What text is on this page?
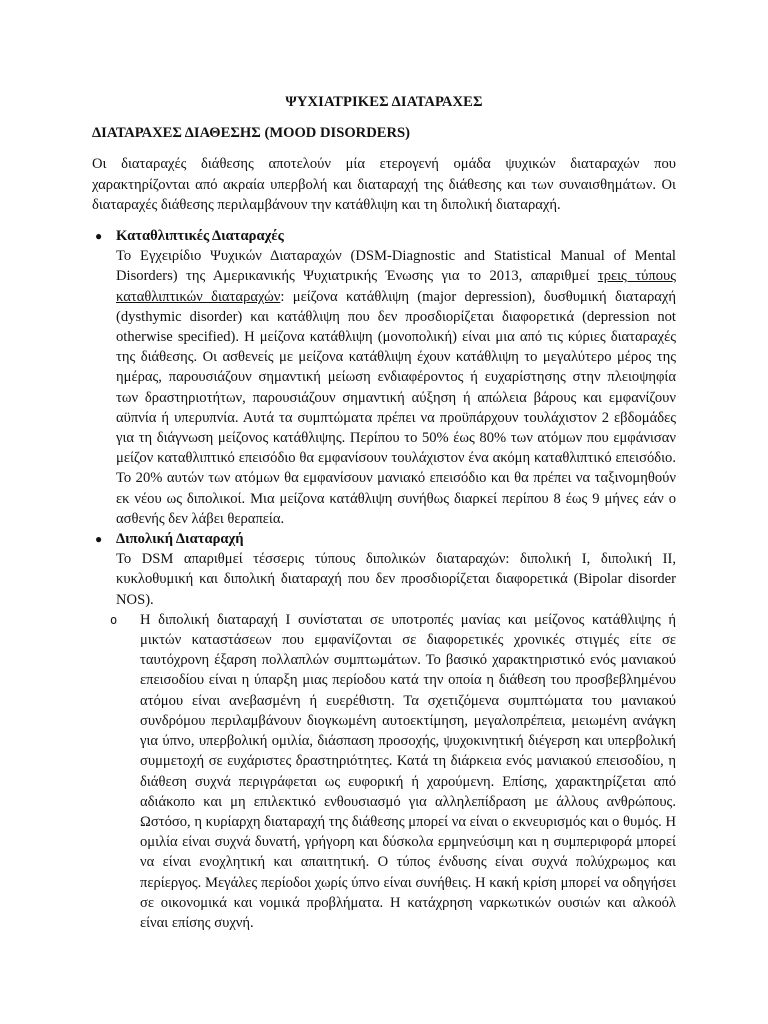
ΨΥΧΙΑΤΡΙΚΕΣ ΔΙΑΤΑΡΑΧΕΣ
ΔΙΑΤΑΡΑΧΕΣ ΔΙΑΘΕΣΗΣ (MOOD DISORDERS)

Οι διαταραχές διάθεσης αποτελούν μία ετερογενή ομάδα ψυχικών διαταραχών που χαρακτηρίζονται από ακραία υπερβολή και διαταραχή της διάθεσης και των συναισθημάτων. Οι διαταραχές διάθεσης περιλαμβάνουν την κατάθλιψη και τη διπολική διαταραχή.

● Καταθλιπτικές Διαταραχές

Το Εγχειρίδιο Ψυχικών Διαταραχών (DSM-Diagnostic and Statistical Manual of Mental Disorders) της Αμερικανικής Ψυχιατρικής Ένωσης για το 2013, απαριθμεί τρεις τύπους καταθλιπτικών διαταραχών: μείζονα κατάθλιψη (major depression), δυσθυμική διαταραχή (dysthymic disorder) και κατάθλιψη που δεν προσδιορίζεται διαφορετικά (depression not otherwise specified). Η μείζονα κατάθλιψη (μονοπολική) είναι μια από τις κύριες διαταραχές της διάθεσης. Οι ασθενείς με μείζονα κατάθλιψη έχουν κατάθλιψη το μεγαλύτερο μέρος της ημέρας, παρουσιάζουν σημαντική μείωση ενδιαφέροντος ή ευχαρίστησης στην πλειοψηφία των δραστηριοτήτων, παρουσιάζουν σημαντική αύξηση ή απώλεια βάρους και εμφανίζουν αϋπνία ή υπερυπνία. Αυτά τα συμπτώματα πρέπει να προϋπάρχουν τουλάχιστον 2 εβδομάδες για τη διάγνωση μείζονος κατάθλιψης. Περίπου το 50% έως 80% των ατόμων που εμφάνισαν μείζον καταθλιπτικό επεισόδιο θα εμφανίσουν τουλάχιστον ένα ακόμη καταθλιπτικό επεισόδιο. Το 20% αυτών των ατόμων θα εμφανίσουν μανιακό επεισόδιο και θα πρέπει να ταξινομηθούν εκ νέου ως διπολικοί. Μια μείζονα κατάθλιψη συνήθως διαρκεί περίπου 8 έως 9 μήνες εάν ο ασθενής δεν λάβει θεραπεία.

● Διπολική Διαταραχή

Το DSM απαριθμεί τέσσερις τύπους διπολικών διαταραχών: διπολική Ι, διπολική ΙΙ, κυκλοθυμική και διπολική διαταραχή που δεν προσδιορίζεται διαφορετικά (Bipolar disorder NOS).

o Η διπολική διαταραχή Ι συνίσταται σε υποτροπές μανίας και μείζονος κατάθλιψης ή μικτών καταστάσεων που εμφανίζονται σε διαφορετικές χρονικές στιγμές είτε σε ταυτόχρονη έξαρση πολλαπλών συμπτωμάτων. Το βασικό χαρακτηριστικό ενός μανιακού επεισοδίου είναι η ύπαρξη μιας περίοδου κατά την οποία η διάθεση του προσβεβλημένου ατόμου είναι ανεβασμένη ή ευερέθιστη. Τα σχετιζόμενα συμπτώματα του μανιακού συνδρόμου περιλαμβάνουν διογκωμένη αυτοεκτίμηση, μεγαλοπρέπεια, μειωμένη ανάγκη για ύπνο, υπερβολική ομιλία, διάσπαση προσοχής, ψυχοκινητική διέγερση και υπερβολική συμμετοχή σε ευχάριστες δραστηριότητες. Κατά τη διάρκεια ενός μανιακού επεισοδίου, η διάθεση συχνά περιγράφεται ως ευφορική ή χαρούμενη. Επίσης, χαρακτηρίζεται από αδιάκοπο και μη επιλεκτικό ενθουσιασμό για αλληλεπίδραση με άλλους ανθρώπους. Ωστόσο, η κυρίαρχη διαταραχή της διάθεσης μπορεί να είναι ο εκνευρισμός και ο θυμός. Η ομιλία είναι συχνά δυνατή, γρήγορη και δύσκολα ερμηνεύσιμη και η συμπεριφορά μπορεί να είναι ενοχλητική και απαιτητική. Ο τύπος ένδυσης είναι συχνά πολύχρωμος και περίεργος. Μεγάλες περίοδοι χωρίς ύπνο είναι συνήθεις. Η κακή κρίση μπορεί να οδηγήσει σε οικονομικά και νομικά προβλήματα. Η κατάχρηση ναρκωτικών ουσιών και αλκοόλ είναι επίσης συχνή.
